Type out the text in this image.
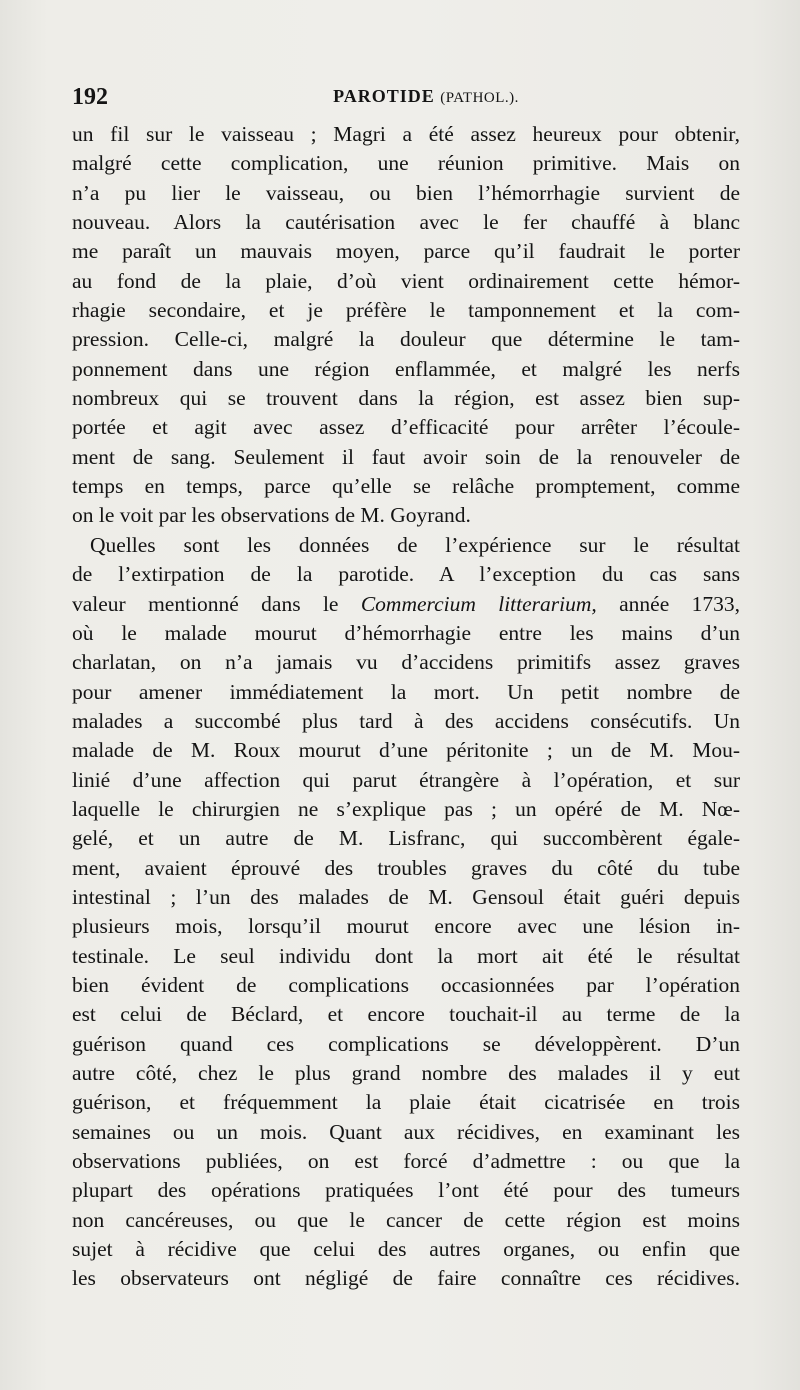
192	PAROTIDE (PATHOL.).
un fil sur le vaisseau ; Magri a été assez heureux pour obtenir,
malgré cette complication, une réunion primitive. Mais on
n’a pu lier le vaisseau, ou bien l’hémorrhagie survient de
nouveau. Alors la cautérisation avec le fer chauffé à blanc
me paraît un mauvais moyen, parce qu’il faudrait le porter
au fond de la plaie, d’où vient ordinairement cette hémor-
rhagie secondaire, et je préfère le tamponnement et la com-
pression. Celle-ci, malgré la douleur que détermine le tam-
ponnement dans une région enflammée, et malgré les nerfs
nombreux qui se trouvent dans la région, est assez bien sup-
portée et agit avec assez d’efficacité pour arrêter l’écoule-
ment de sang. Seulement il faut avoir soin de la renouveler de
temps en temps, parce qu’elle se relâche promptement, comme
on le voit par les observations de M. Goyrand.
Quelles sont les données de l’expérience sur le résultat
de l’extirpation de la parotide. A l’exception du cas sans
valeur mentionné dans le Commercium litterarium, année 1733,
où le malade mourut d’hémorrhagie entre les mains d’un
charlatan, on n’a jamais vu d’accidens primitifs assez graves
pour amener immédiatement la mort. Un petit nombre de
malades a succombé plus tard à des accidens consécutifs. Un
malade de M. Roux mourut d’une péritonite ; un de M. Mou-
linié d’une affection qui parut étrangère à l’opération, et sur
laquelle le chirurgien ne s’explique pas ; un opéré de M. Nœ-
gelé, et un autre de M. Lisfranc, qui succombèrent égale-
ment, avaient éprouvé des troubles graves du côté du tube
intestinal ; l’un des malades de M. Gensoul était guéri depuis
plusieurs mois, lorsqu’il mourut encore avec une lésion in-
testinale. Le seul individu dont la mort ait été le résultat
bien évident de complications occasionnées par l’opération
est celui de Béclard, et encore touchait-il au terme de la
guérison quand ces complications se développèrent. D’un
autre côté, chez le plus grand nombre des malades il y eut
guérison, et fréquemment la plaie était cicatrisée en trois
semaines ou un mois. Quant aux récidives, en examinant les
observations publiées, on est forcé d’admettre : ou que la
plupart des opérations pratiquées l’ont été pour des tumeurs
non cancéreuses, ou que le cancer de cette région est moins
sujet à récidive que celui des autres organes, ou enfin que
les observateurs ont négligé de faire connaître ces récidives.
